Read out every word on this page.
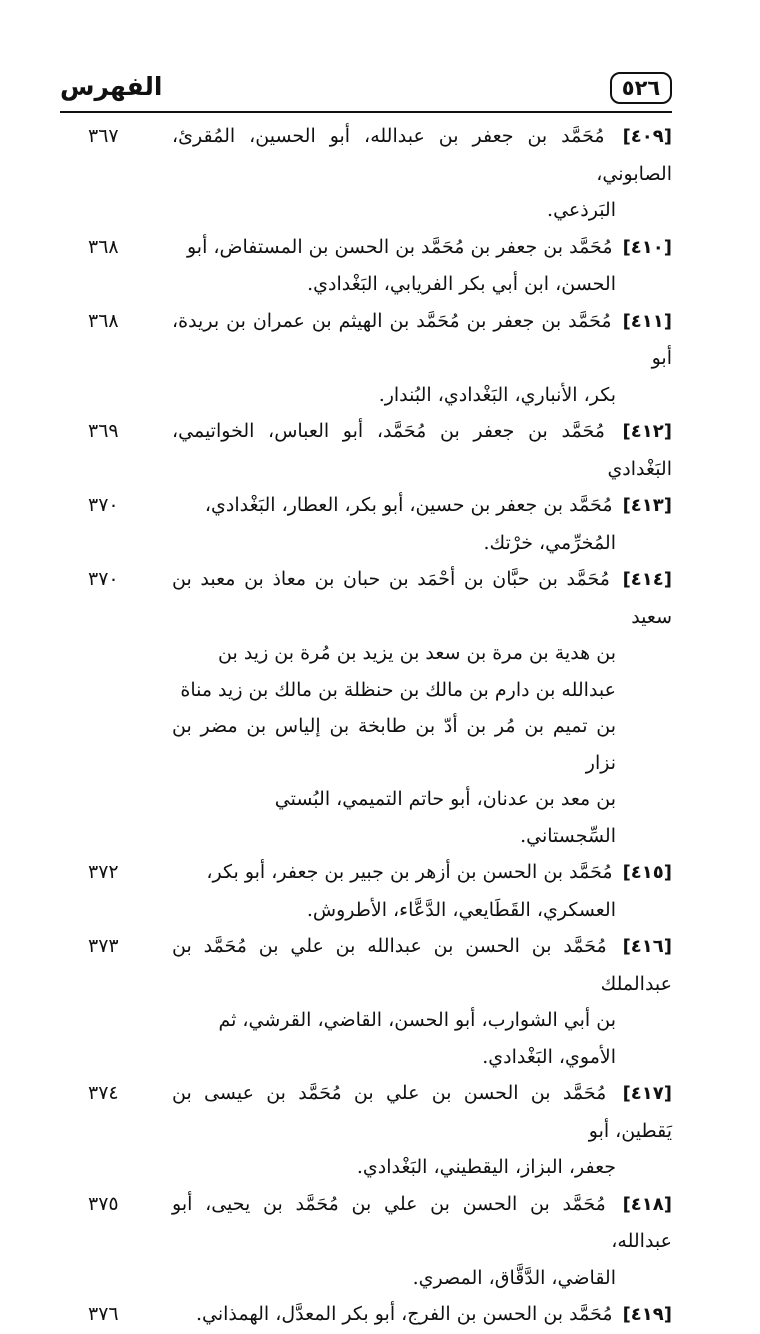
٥٢٦
الفهرس
٣٦٧	[٤٠٩] مُحَمَّد بن جعفر بن عبدالله، أبو الحسين، المُقرئ، الصابوني،
البَرذعي.
٣٦٨	[٤١٠] مُحَمَّد بن جعفر بن مُحَمَّد بن الحسن بن المستفاض، أبو
الحسن، ابن أبي بكر الفريابي، البَغْدادي.
٣٦٨	[٤١١] مُحَمَّد بن جعفر بن مُحَمَّد بن الهيثم بن عمران بن بريدة، أبو
بكر، الأنباري، البَغْدادي، البُندار.
٣٦٩	[٤١٢] مُحَمَّد بن جعفر بن مُحَمَّد، أبو العباس، الخواتيمي، البَغْدادي
٣٧٠	[٤١٣] مُحَمَّد بن جعفر بن حسين، أبو بكر، العطار، البَغْدادي،
المُخرِّمي، خرْتك.
٣٧٠	[٤١٤] مُحَمَّد بن حبَّان بن أحْمَد بن حبان بن معاذ بن معبد بن سعيد
بن هدية بن مرة بن سعد بن يزيد بن مُرة بن زيد بن
عبدالله بن دارم بن مالك بن حنظلة بن مالك بن زيد مناة
بن تميم بن مُر بن أدّ بن طابخة بن إلياس بن مضر بن نزار
بن معد بن عدنان، أبو حاتم التميمي، البُستي
السِّجستاني.
٣٧٢	[٤١٥] مُحَمَّد بن الحسن بن أزهر بن جبير بن جعفر، أبو بكر،
العسكري، القَطَايعي، الدَّعَّاء، الأطروش.
٣٧٣	[٤١٦] مُحَمَّد بن الحسن بن عبدالله بن علي بن مُحَمَّد بن عبدالملك
بن أبي الشوارب، أبو الحسن، القاضي، القرشي، ثم
الأموي، البَغْدادي.
٣٧٤	[٤١٧] مُحَمَّد بن الحسن بن علي بن مُحَمَّد بن عيسى بن يَقطين، أبو
جعفر، البزاز، اليقطيني، البَغْدادي.
٣٧٥	[٤١٨] مُحَمَّد بن الحسن بن علي بن مُحَمَّد بن يحيى، أبو عبدالله،
القاضي، الدَّقَّاق، المصري.
٣٧٦	[٤١٩] مُحَمَّد بن الحسن بن الفرج، أبو بكر المعدَّل، الهمذاني.
